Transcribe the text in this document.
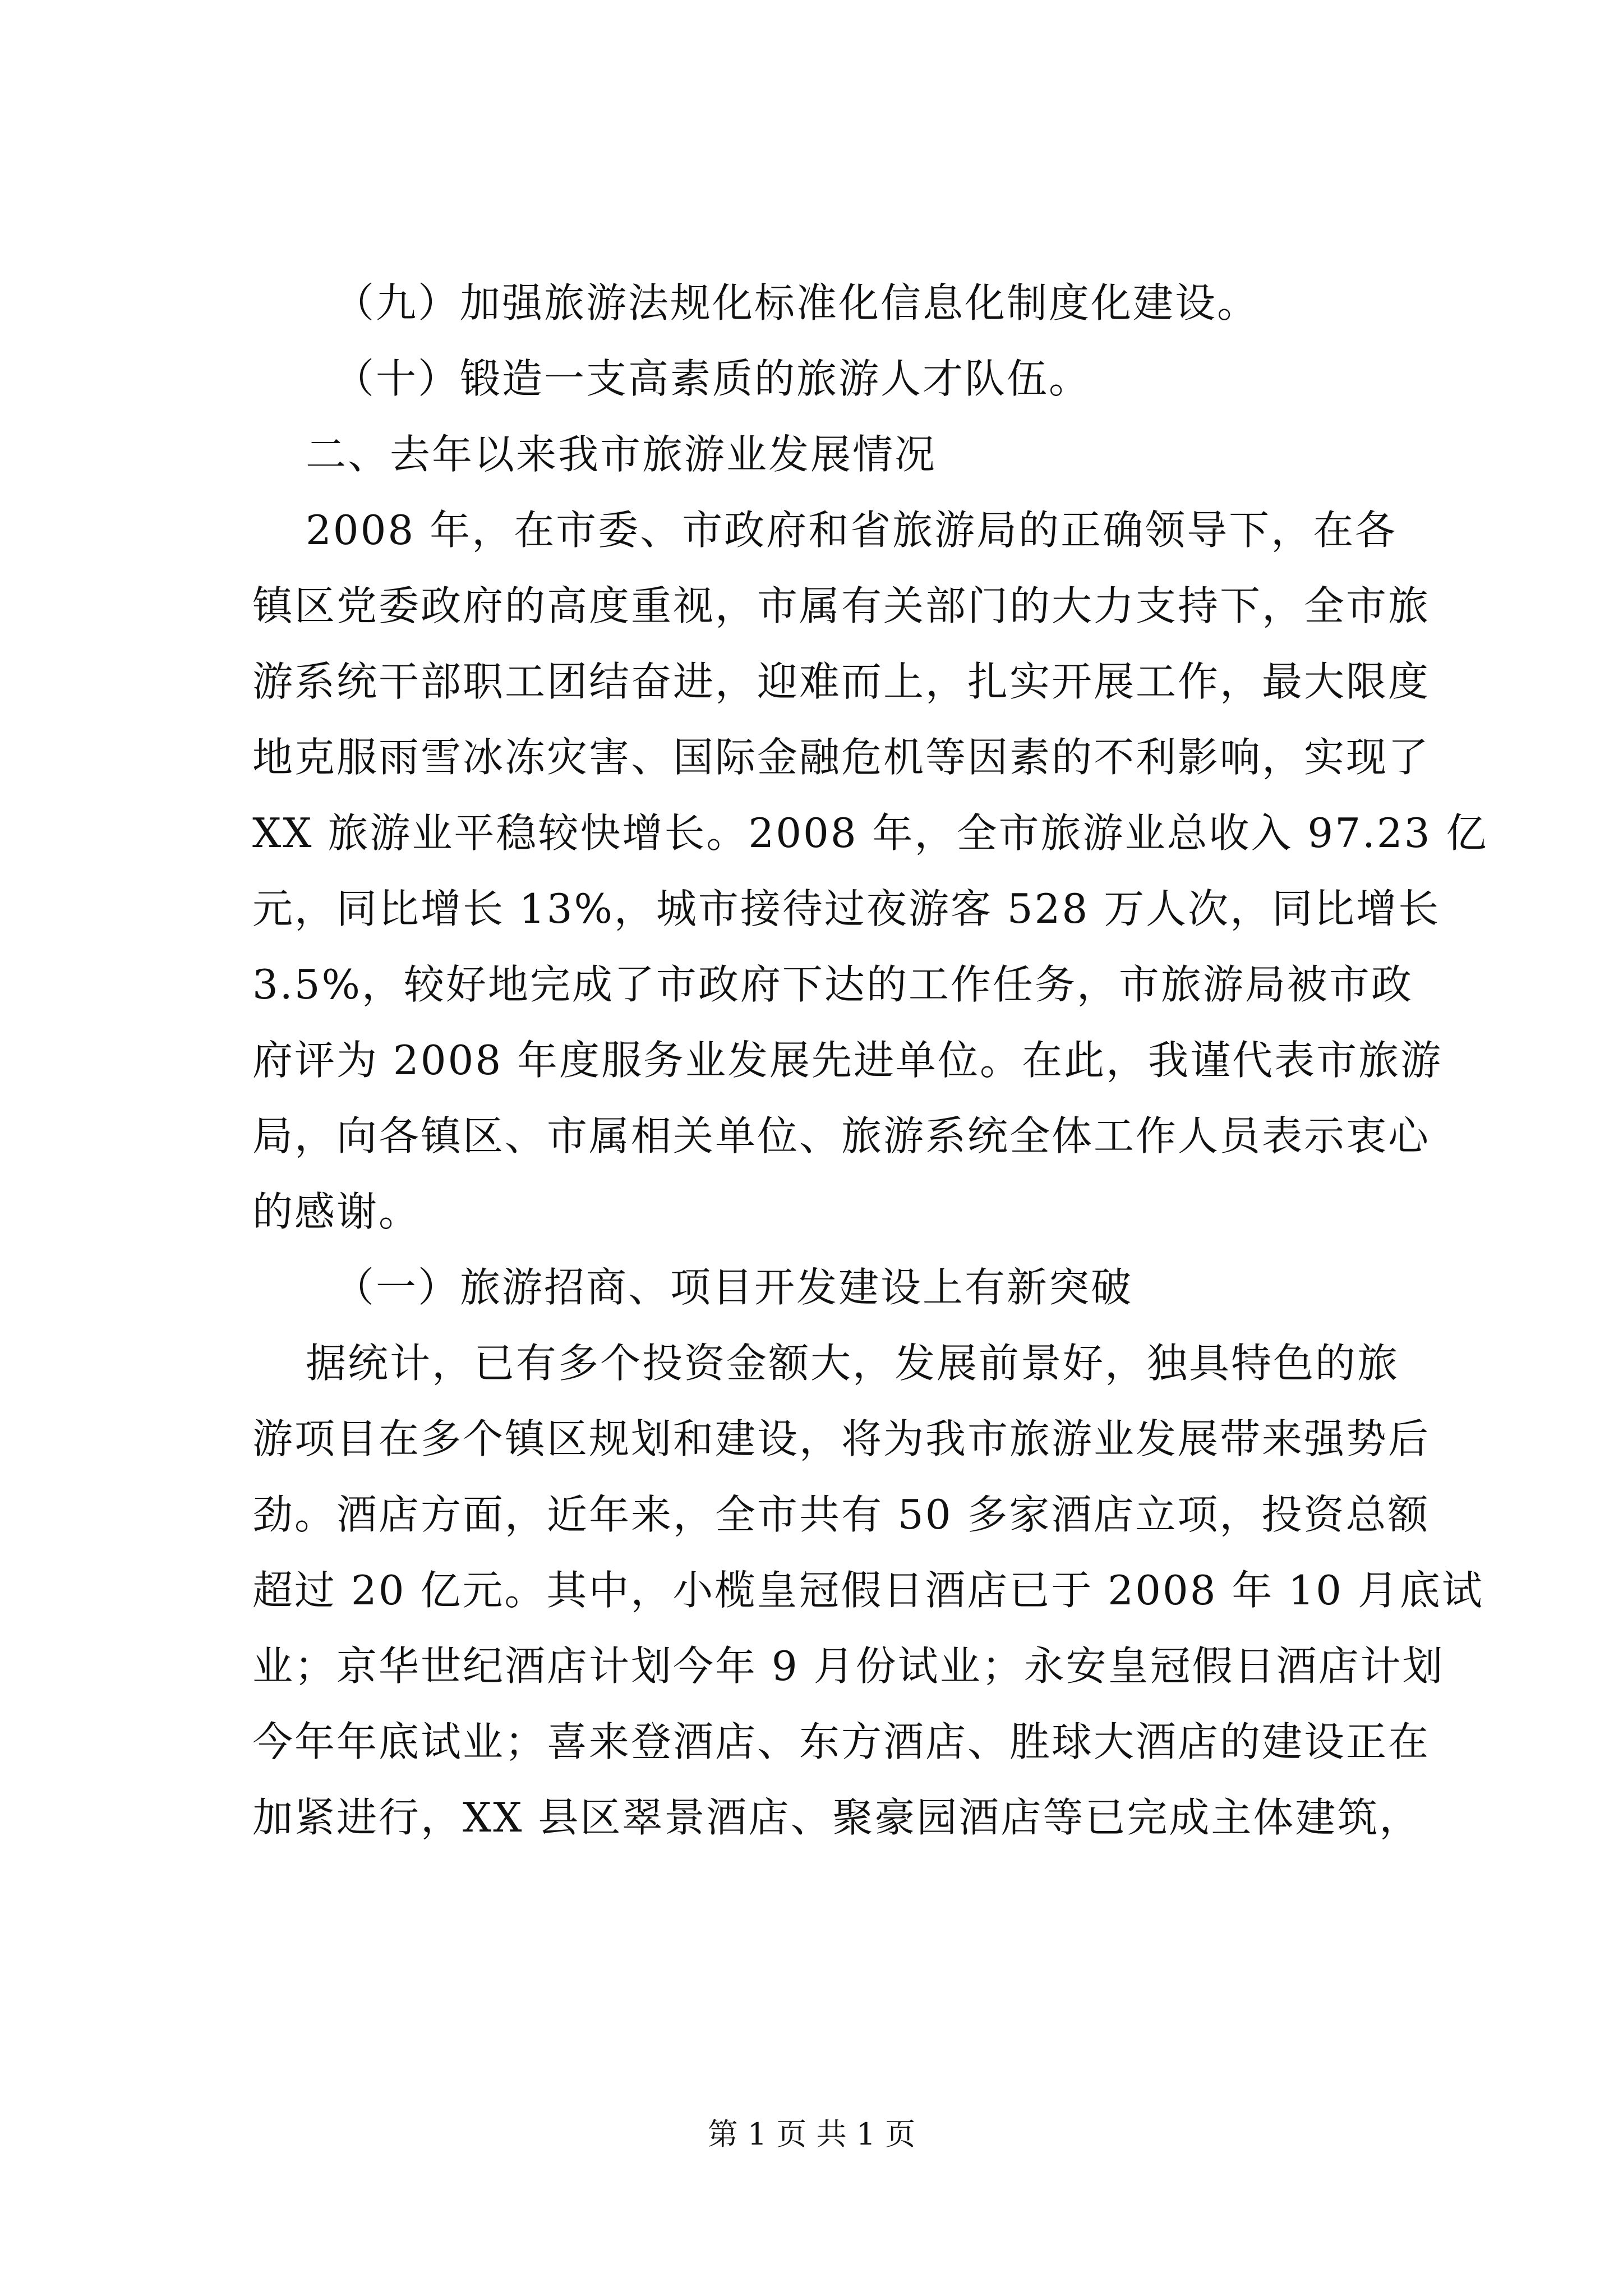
（九）加强旅游法规化标准化信息化制度化建设。
（十）锻造一支高素质的旅游人才队伍。
二、去年以来我市旅游业发展情况
2008 年，在市委、市政府和省旅游局的正确领导下，在各
镇区党委政府的高度重视，市属有关部门的大力支持下，全市旅
游系统干部职工团结奋进，迎难而上，扎实开展工作，最大限度
地克服雨雪冰冻灾害、国际金融危机等因素的不利影响，实现了
XX 旅游业平稳较快增长。2008 年，全市旅游业总收入 97.23 亿
元，同比增长 13%，城市接待过夜游客 528 万人次，同比增长
3.5%，较好地完成了市政府下达的工作任务，市旅游局被市政
府评为 2008 年度服务业发展先进单位。在此，我谨代表市旅游
局，向各镇区、市属相关单位、旅游系统全体工作人员表示衷心
的感谢。
（一）旅游招商、项目开发建设上有新突破
据统计，已有多个投资金额大，发展前景好，独具特色的旅
游项目在多个镇区规划和建设，将为我市旅游业发展带来强势后
劲。酒店方面，近年来，全市共有 50 多家酒店立项，投资总额
超过 20 亿元。其中，小榄皇冠假日酒店已于 2008 年 10 月底试
业；京华世纪酒店计划今年 9 月份试业；永安皇冠假日酒店计划
今年年底试业；喜来登酒店、东方酒店、胜球大酒店的建设正在
加紧进行，XX 县区翠景酒店、聚豪园酒店等已完成主体建筑，
第 1 页 共 1 页
